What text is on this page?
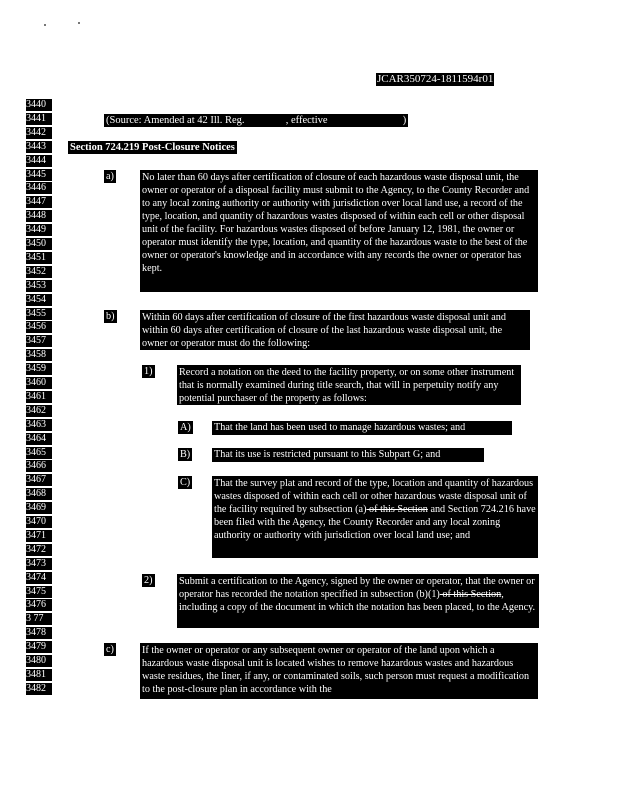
JCAR350724-1811594r01
3440
3441
3442
3443
3444
3445
3446
3447
3448
3449
3450
3451
3452
3453
3454
3455
3456
3457
3458
3459
3460
3461
3462
3463
3464
3465
3466
3467
3468
3469
3470
3471
3472
3473
3474
3475
3476
3 77
3478
3479
3480
3481
3482
(Source: Amended at 42 Ill. Reg.	, effective	)
Section 724.219 Post-Closure Notices
a)	No later than 60 days after certification of closure of each hazardous waste disposal unit, the owner or operator of a disposal facility must submit to the Agency, to the County Recorder and to any local zoning authority or authority with jurisdiction over local land use, a record of the type, location, and quantity of hazardous wastes disposed of within each cell or other disposal unit of the facility. For hazardous wastes disposed of before January 12, 1981, the owner or operator must identify the type, location, and quantity of the hazardous waste to the best of the owner or operator's knowledge and in accordance with any records the owner or operator has kept.

b)	Within 60 days after certification of closure of the first hazardous waste disposal unit and within 60 days after certification of closure of the last hazardous waste disposal unit, the owner or operator must do the following:

1)	Record a notation on the deed to the facility property, or on some other instrument that is normally examined during title search, that will in perpetuity notify any potential purchaser of the property as follows:

A) That the land has been used to manage hazardous wastes; and

B) That its use is restricted pursuant to this Subpart G; and

C) That the survey plat and record of the type, location and quantity of hazardous wastes disposed of within each cell or other hazardous waste disposal unit of the facility required by subsection (a) of this Section and Section 724.216 have been filed with the Agency, the County Recorder and any local zoning authority or authority with jurisdiction over local land use; and

2)	Submit a certification to the Agency, signed by the owner or operator, that the owner or operator has recorded the notation specified in subsection (b)(1) of this Section, including a copy of the document in which the notation has been placed, to the Agency.

c)	If the owner or operator or any subsequent owner or operator of the land upon which a hazardous waste disposal unit is located wishes to remove hazardous wastes and hazardous waste residues, the liner, if any, or contaminated soils, such person must request a modification to the post-closure plan in accordance with the
